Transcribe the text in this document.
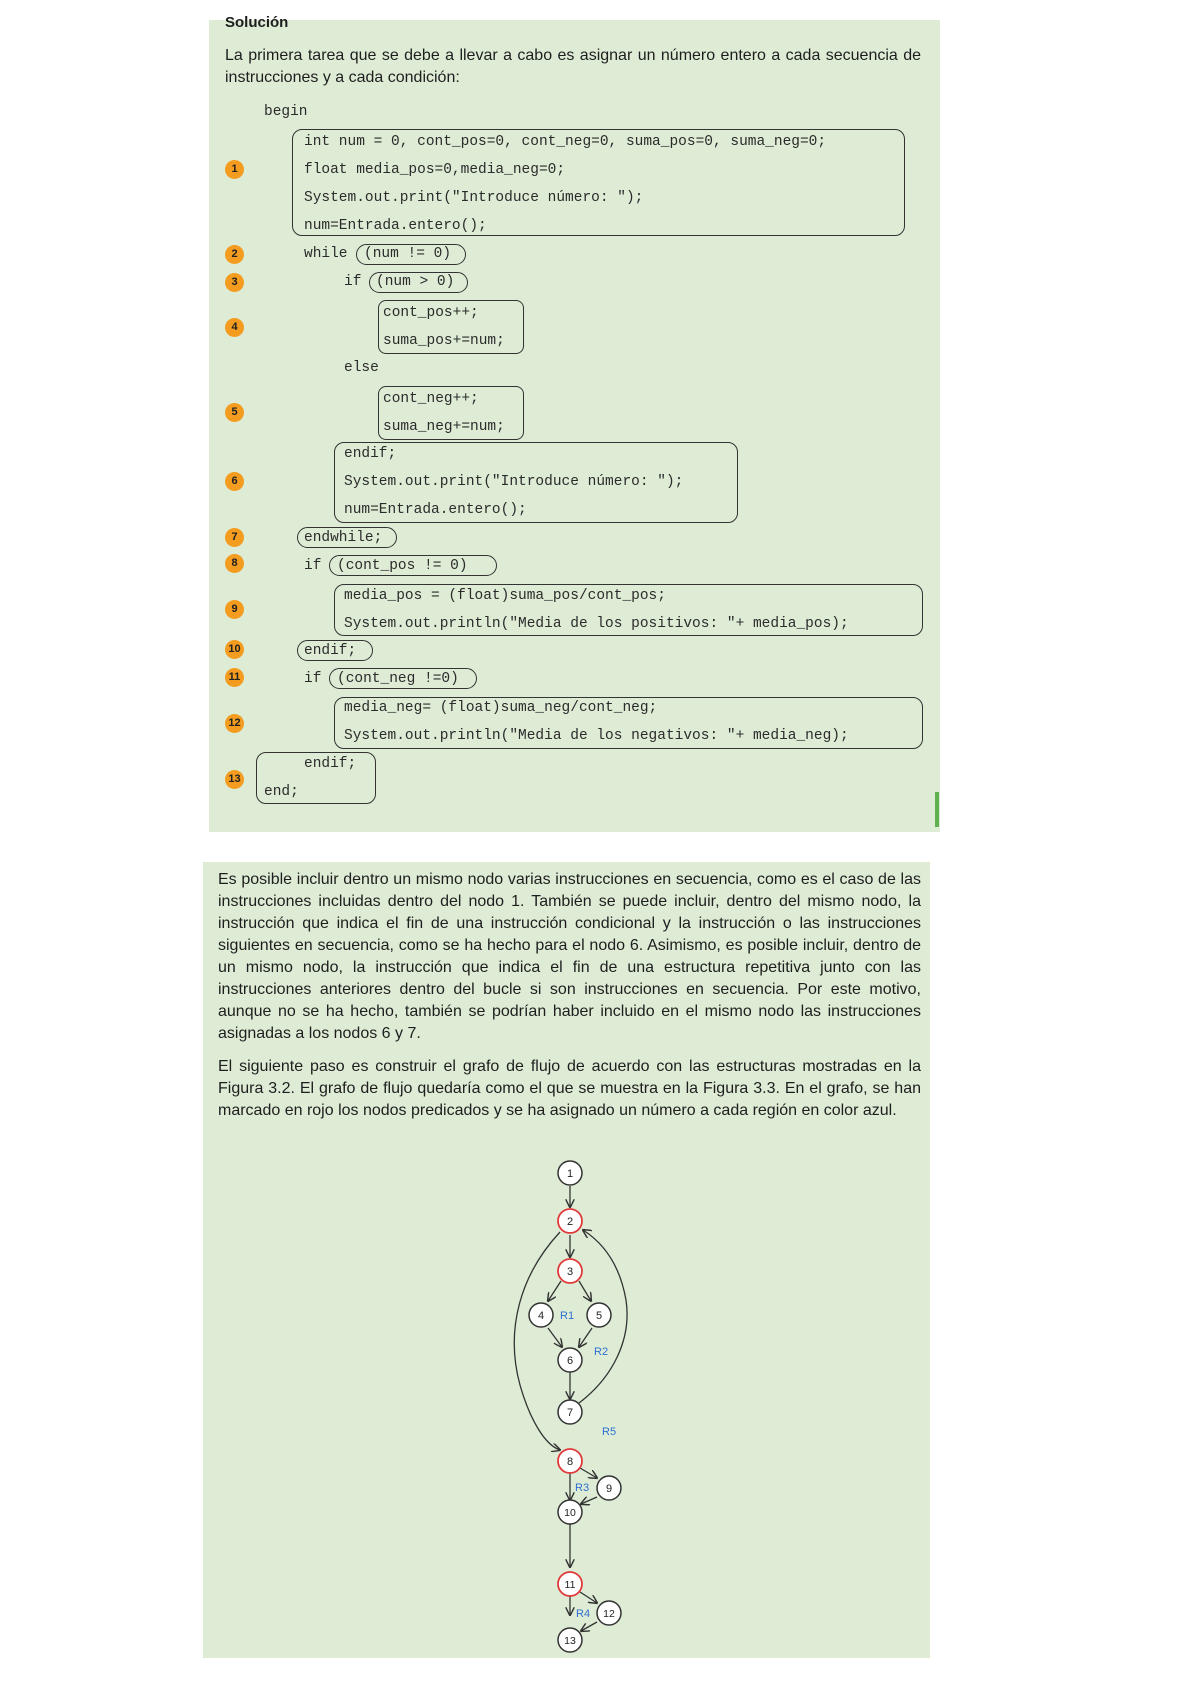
Solución
La primera tarea que se debe a llevar a cabo es asignar un número entero a cada secuencia de instrucciones y a cada condición:
begin
int num = 0, cont_pos=0, cont_neg=0, suma_pos=0, suma_neg=0;
float media_pos=0,media_neg=0;
System.out.print("Introduce número: ");
num=Entrada.entero();
while (num != 0)
if (num > 0)
cont_pos++;
suma_pos+=num;
else
cont_neg++;
suma_neg+=num;
endif;
System.out.print("Introduce número: ");
num=Entrada.entero();
endwhile;
if (cont_pos != 0)
media_pos = (float)suma_pos/cont_pos;
System.out.println("Media de los positivos: "+ media_pos);
endif;
if (cont_neg !=0)
media_neg= (float)suma_neg/cont_neg;
System.out.println("Media de los negativos: "+ media_neg);
endif;
end;
1
2
3
4
5
6
7
8
9
10
11
12
13
Es posible incluir dentro un mismo nodo varias instrucciones en secuencia, como es el caso de las instrucciones incluidas dentro del nodo 1. También se puede incluir, dentro del mismo nodo, la instrucción que indica el fin de una instrucción condicional y la instrucción o las instrucciones siguientes en secuencia, como se ha hecho para el nodo 6. Asimismo, es posible incluir, dentro de un mismo nodo, la instrucción que indica el fin de una estructura repetitiva junto con las instrucciones anteriores dentro del bucle si son instrucciones en secuencia. Por este motivo, aunque no se ha hecho, también se podrían haber incluido en el mismo nodo las instrucciones asignadas a los nodos 6 y 7.
El siguiente paso es construir el grafo de flujo de acuerdo con las estructuras mostradas en la Figura 3.2. El grafo de flujo quedaría como el que se muestra en la Figura 3.3. En el grafo, se han marcado en rojo los nodos predicados y se ha asignado un número a cada región en color azul.
1
2
3
4	5
6
7
8
9
10
11
12
13
R1
R2
R5
R3
R4
